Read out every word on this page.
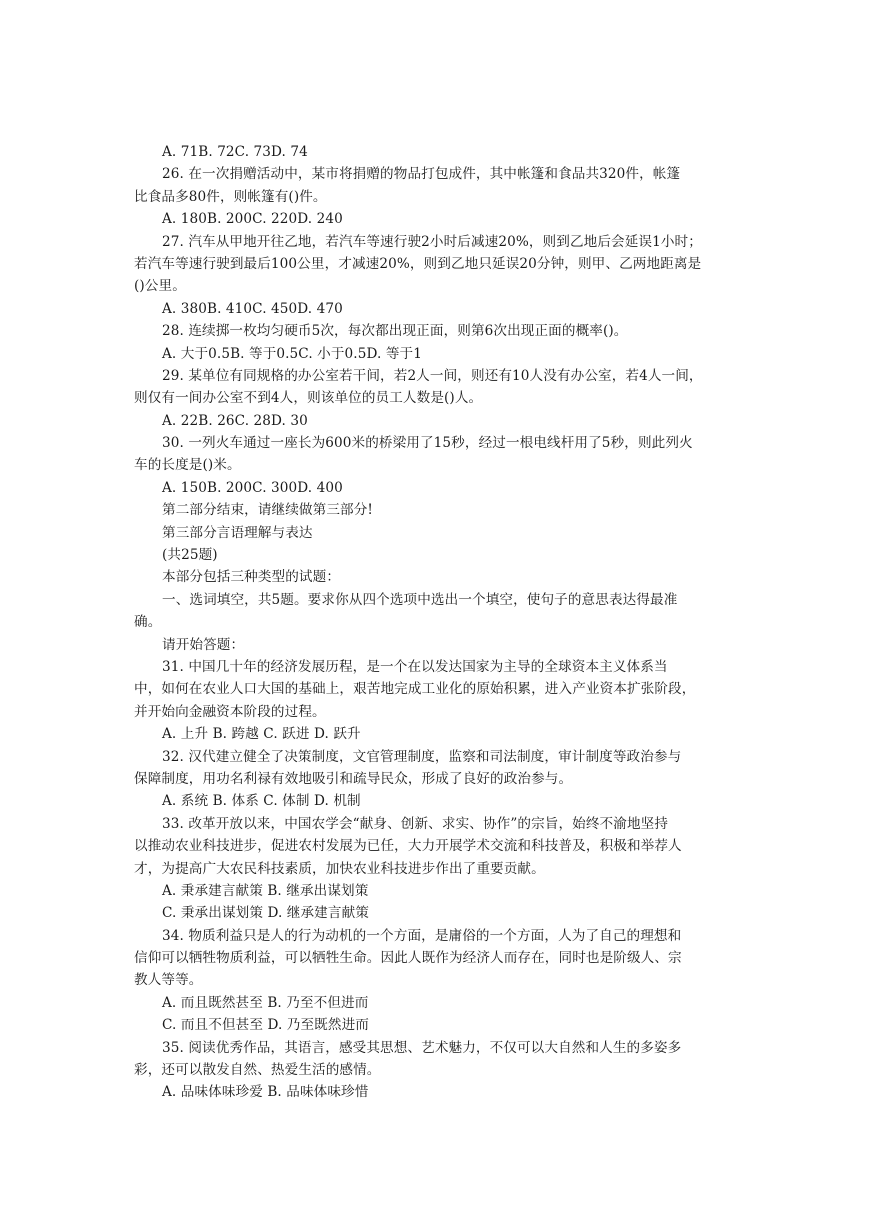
A. 71B. 72C. 73D. 74
26. 在一次捐赠活动中，某市将捐赠的物品打包成件，其中帐篷和食品共320件，帐篷
比食品多80件，则帐篷有()件。
A. 180B. 200C. 220D. 240
27. 汽车从甲地开往乙地，若汽车等速行驶2小时后减速20%，则到乙地后会延误1小时；
若汽车等速行驶到最后100公里，才减速20%，则到乙地只延误20分钟，则甲、乙两地距离是
()公里。
A. 380B. 410C. 450D. 470
28. 连续掷一枚均匀硬币5次，每次都出现正面，则第6次出现正面的概率()。
A. 大于0.5B. 等于0.5C. 小于0.5D. 等于1
29. 某单位有同规格的办公室若干间，若2人一间，则还有10人没有办公室，若4人一间，
则仅有一间办公室不到4人，则该单位的员工人数是()人。
A. 22B. 26C. 28D. 30
30. 一列火车通过一座长为600米的桥梁用了15秒，经过一根电线杆用了5秒，则此列火
车的长度是()米。
A. 150B. 200C. 300D. 400
第二部分结束，请继续做第三部分!
第三部分言语理解与表达
(共25题)
本部分包括三种类型的试题：
一、选词填空，共5题。要求你从四个选项中选出一个填空，使句子的意思表达得最准
确。
请开始答题：
31. 中国几十年的经济发展历程，是一个在以发达国家为主导的全球资本主义体系当
中，如何在农业人口大国的基础上，艰苦地完成工业化的原始积累，进入产业资本扩张阶段，
并开始向金融资本阶段的过程。
A. 上升 B. 跨越 C. 跃进 D. 跃升
32. 汉代建立健全了决策制度，文官管理制度，监察和司法制度，审计制度等政治参与
保障制度，用功名利禄有效地吸引和疏导民众，形成了良好的政治参与。
A. 系统 B. 体系 C. 体制 D. 机制
33. 改革开放以来，中国农学会“献身、创新、求实、协作”的宗旨，始终不渝地坚持
以推动农业科技进步，促进农村发展为已任，大力开展学术交流和科技普及，积极和举荐人
才，为提高广大农民科技素质，加快农业科技进步作出了重要贡献。
A. 秉承建言献策 B. 继承出谋划策
C. 秉承出谋划策 D. 继承建言献策
34. 物质利益只是人的行为动机的一个方面，是庸俗的一个方面，人为了自己的理想和
信仰可以牺牲物质利益，可以牺牲生命。因此人既作为经济人而存在，同时也是阶级人、宗
教人等等。
A. 而且既然甚至 B. 乃至不但进而
C. 而且不但甚至 D. 乃至既然进而
35. 阅读优秀作品，其语言，感受其思想、艺术魅力，不仅可以大自然和人生的多姿多
彩，还可以散发自然、热爱生活的感情。
A. 品味体味珍爱 B. 品味体味珍惜
